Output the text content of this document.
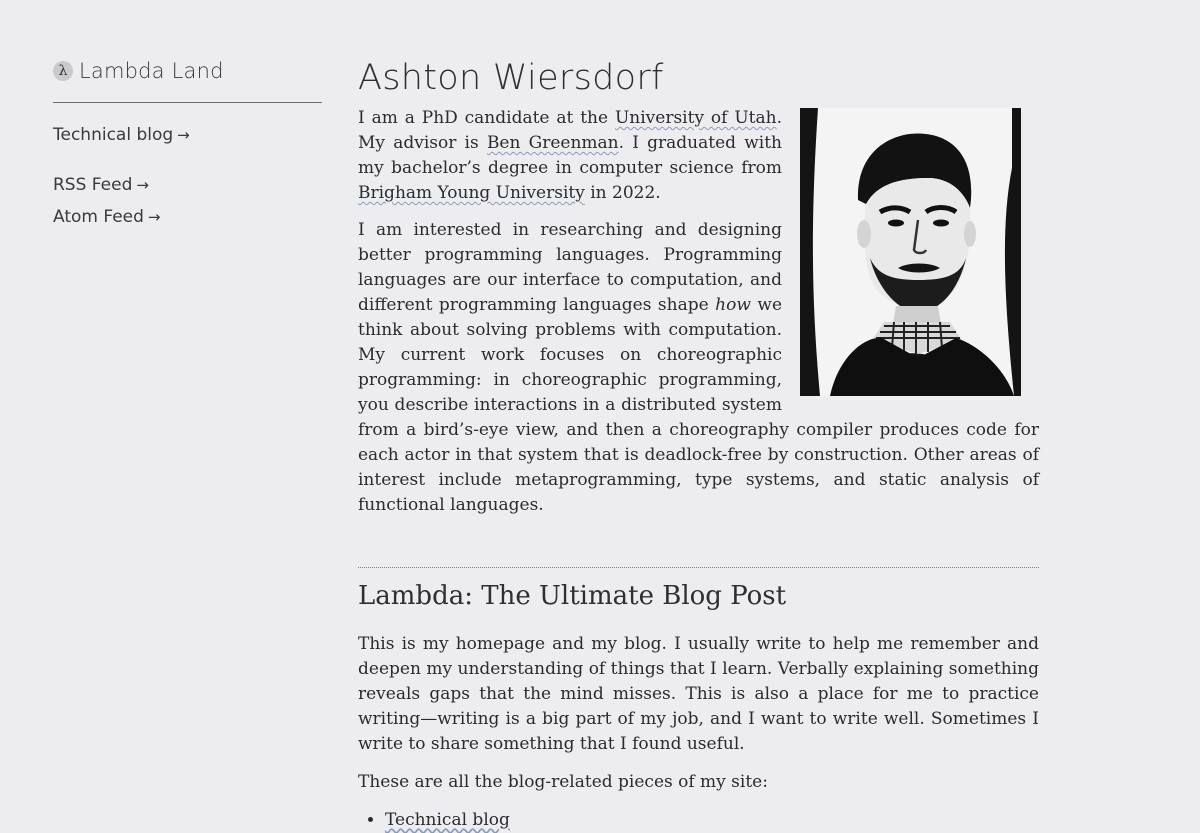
λ Lambda Land
Technical blog →
RSS Feed →
Atom Feed →
Ashton Wiersdorf

I am a PhD candidate at the University of Utah. My advisor is Ben Greenman. I graduated with my bachelor’s degree in computer science from Brigham Young University in 2022.

I am interested in researching and designing better programming languages. Programming languages are our interface to computation, and different programming languages shape how we think about solving problems with computation. My current work focuses on choreographic programming: in choreographic programming, you describe interactions in a distributed system from a bird’s-eye view, and then a choreography compiler produces code for each actor in that system that is deadlock-free by construction. Other areas of interest include metaprogramming, type systems, and static analysis of functional languages.

Lambda: The Ultimate Blog Post

This is my homepage and my blog. I usually write to help me remember and deepen my understanding of things that I learn. Verbally explaining something reveals gaps that the mind misses. This is also a place for me to practice writing—writing is a big part of my job, and I want to write well. Sometimes I write to share something that I found useful.

These are all the blog-related pieces of my site:

• Technical blog
